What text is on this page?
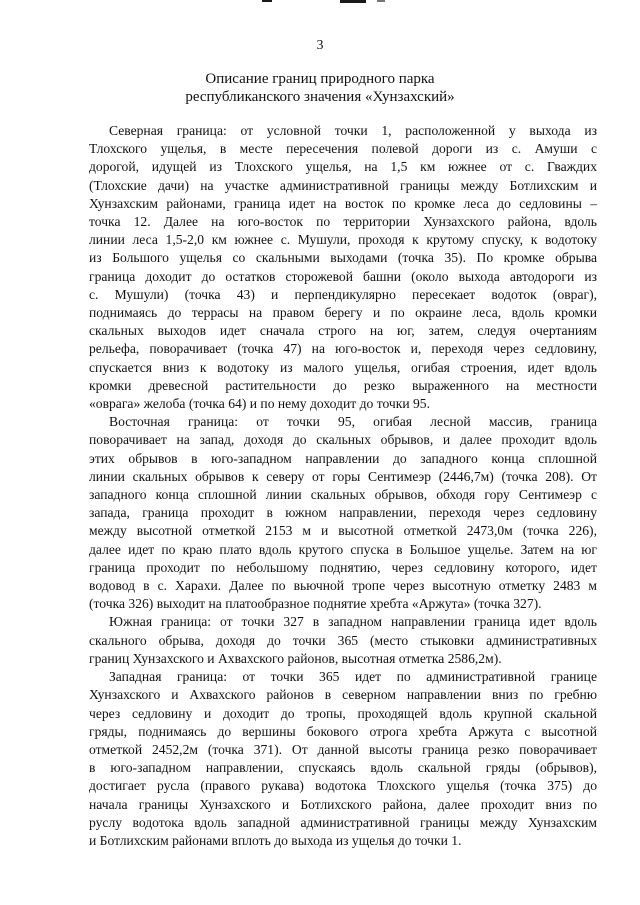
3
Описание границ природного парка
республиканского значения «Хунзахский»
Северная граница: от условной точки 1, расположенной у выхода из
Тлохского ущелья, в месте пересечения полевой дороги из с. Амуши с
дорогой, идущей из Тлохского ущелья, на 1,5 км южнее от с. Гваждих
(Тлохские дачи) на участке административной границы между Ботлихским и
Хунзахским районами, граница идет на восток по кромке леса до седловины –
точка 12. Далее на юго-восток по территории Хунзахского района, вдоль
линии леса 1,5-2,0 км южнее с. Мушули, проходя к крутому спуску, к водотоку
из Большого ущелья со скальными выходами (точка 35). По кромке обрыва
граница доходит до остатков сторожевой башни (около выхода автодороги из
с. Мушули) (точка 43) и перпендикулярно пересекает водоток (овраг),
поднимаясь до террасы на правом берегу и по окраине леса, вдоль кромки
скальных выходов идет сначала строго на юг, затем, следуя очертаниям
рельефа, поворачивает (точка 47) на юго-восток и, переходя через седловину,
спускается вниз к водотоку из малого ущелья, огибая строения, идет вдоль
кромки древесной растительности до резко выраженного на местности
«оврага» желоба (точка 64) и по нему доходит до точки 95.
Восточная граница: от точки 95, огибая лесной массив, граница
поворачивает на запад, доходя до скальных обрывов, и далее проходит вдоль
этих обрывов в юго-западном направлении до западного конца сплошной
линии скальных обрывов к северу от горы Сентимеэр (2446,7м) (точка 208). От
западного конца сплошной линии скальных обрывов, обходя гору Сентимеэр с
запада, граница проходит в южном направлении, переходя через седловину
между высотной отметкой 2153 м и высотной отметкой 2473,0м (точка 226),
далее идет по краю плато вдоль крутого спуска в Большое ущелье. Затем на юг
граница проходит по небольшому поднятию, через седловину которого, идет
водовод в с. Харахи. Далее по вьючной тропе через высотную отметку 2483 м
(точка 326) выходит на платообразное поднятие хребта «Аржута» (точка 327).
Южная граница: от точки 327 в западном направлении граница идет вдоль
скального обрыва, доходя до точки 365 (место стыковки административных
границ Хунзахского и Ахвахского районов, высотная отметка 2586,2м).
Западная граница: от точки 365 идет по административной границе
Хунзахского и Ахвахского районов в северном направлении вниз по гребню
через седловину и доходит до тропы, проходящей вдоль крупной скальной
гряды, поднимаясь до вершины бокового отрога хребта Аржута с высотной
отметкой 2452,2м (точка 371). От данной высоты граница резко поворачивает
в юго-западном направлении, спускаясь вдоль скальной гряды (обрывов),
достигает русла (правого рукава) водотока Тлохского ущелья (точка 375) до
начала границы Хунзахского и Ботлихского района, далее проходит вниз по
руслу водотока вдоль западной административной границы между Хунзахским
и Ботлихским районами вплоть до выхода из ущелья до точки 1.
